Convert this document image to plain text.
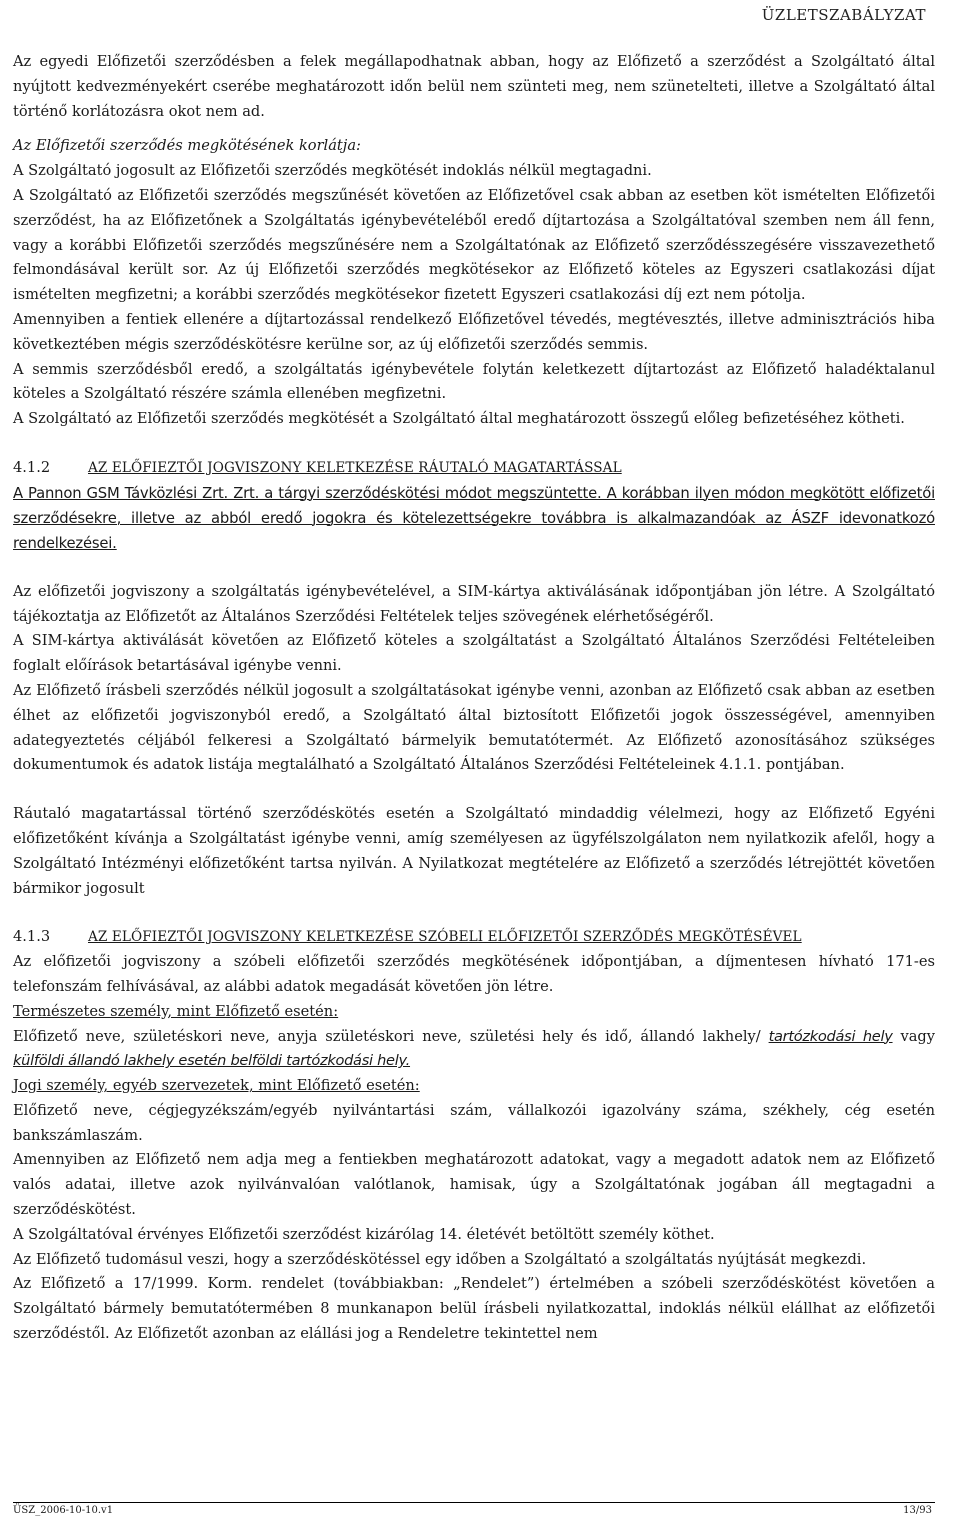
ÜZLETSZABÁLYZAT

Az egyedi Előfizetői szerződésben a felek megállapodhatnak abban, hogy az Előfizető a szerződést a Szolgáltató által nyújtott kedvezményekért cserébe meghatározott időn belül nem szünteti meg, nem szünetelteti, illetve a Szolgáltató által történő korlátozásra okot nem ad.

Az Előfizetői szerződés megkötésének korlátja:

A Szolgáltató jogosult az Előfizetői szerződés megkötését indoklás nélkül megtagadni.

A Szolgáltató az Előfizetői szerződés megszűnését követően az Előfizetővel csak abban az esetben köt ismételten Előfizetői szerződést, ha az Előfizetőnek a Szolgáltatás igénybevételéből eredő díjtartozása a Szolgáltatóval szemben nem áll fenn, vagy a korábbi Előfizetői szerződés megszűnésére nem a Szolgáltatónak az Előfizető szerződésszegésére visszavezethető felmondásával került sor. Az új Előfizetői szerződés megkötésekor az Előfizető köteles az Egyszeri csatlakozási díjat ismételten megfizetni; a korábbi szerződés megkötésekor fizetett Egyszeri csatlakozási díj ezt nem pótolja.

Amennyiben a fentiek ellenére a díjtartozással rendelkező Előfizetővel tévedés, megtévesztés, illetve adminisztrációs hiba következtében mégis szerződéskötésre kerülne sor, az új előfizetői szerződés semmis.

A semmis szerződésből eredő, a szolgáltatás igénybevétele folytán keletkezett díjtartozást az Előfizető haladéktalanul köteles a Szolgáltató részére számla ellenében megfizetni.

A Szolgáltató az Előfizetői szerződés megkötését a Szolgáltató által meghatározott összegű előleg befizetéséhez kötheti.

4.1.2	AZ ELŐFIEZTŐI JOGVISZONY KELETKEZÉSE RÁUTALÓ MAGATARTÁSSAL

A Pannon GSM Távközlési Zrt. Zrt. a tárgyi szerződéskötési módot megszüntette. A korábban ilyen módon megkötött előfizetői szerződésekre, illetve az abból eredő jogokra és kötelezettségekre továbbra is alkalmazandóak az ÁSZF idevonatkozó rendelkezései.

Az előfizetői jogviszony a szolgáltatás igénybevételével, a SIM-kártya aktiválásának időpontjában jön létre. A Szolgáltató tájékoztatja az Előfizetőt az Általános Szerződési Feltételek teljes szövegének elérhetőségéről.

A SIM-kártya aktiválását követően az Előfizető köteles a szolgáltatást a Szolgáltató Általános Szerződési Feltételeiben foglalt előírások betartásával igénybe venni.

Az Előfizető írásbeli szerződés nélkül jogosult a szolgáltatásokat igénybe venni, azonban az Előfizető csak abban az esetben élhet az előfizetői jogviszonyból eredő, a Szolgáltató által biztosított Előfizetői jogok összességével, amennyiben adategyeztetés céljából felkeresi a Szolgáltató bármelyik bemutatótermét. Az Előfizető azonosításához szükséges dokumentumok és adatok listája megtalálható a Szolgáltató Általános Szerződési Feltételeinek 4.1.1. pontjában.

Ráutaló magatartással történő szerződéskötés esetén a Szolgáltató mindaddig vélelmezi, hogy az Előfizető Egyéni előfizetőként kívánja a Szolgáltatást igénybe venni, amíg személyesen az ügyfélszolgálaton nem nyilatkozik afelől, hogy a Szolgáltató Intézményi előfizetőként tartsa nyilván. A Nyilatkozat megtételére az Előfizető a szerződés létrejöttét követően bármikor jogosult

4.1.3	AZ ELŐFIEZTŐI JOGVISZONY KELETKEZÉSE SZÓBELI ELŐFIZETŐI SZERZŐDÉS MEGKÖTÉSÉVEL

Az előfizetői jogviszony a szóbeli előfizetői szerződés megkötésének időpontjában, a díjmentesen hívható 171-es telefonszám felhívásával, az alábbi adatok megadását követően jön létre.

Természetes személy, mint Előfizető esetén:

Előfizető neve, születéskori neve, anyja születéskori neve, születési hely és idő, állandó lakhely/ tartózkodási hely vagy külföldi állandó lakhely esetén belföldi tartózkodási hely.

Jogi személy, egyéb szervezetek, mint Előfizető esetén:

Előfizető neve, cégjegyzékszám/egyéb nyilvántartási szám, vállalkozói igazolvány száma, székhely, cég esetén bankszámlaszám.

Amennyiben az Előfizető nem adja meg a fentiekben meghatározott adatokat, vagy a megadott adatok nem az Előfizető valós adatai, illetve azok nyilvánvalóan valótlanok, hamisak, úgy a Szolgáltatónak jogában áll megtagadni a szerződéskötést.

A Szolgáltatóval érvényes Előfizetői szerződést kizárólag 14. életévét betöltött személy köthet.

Az Előfizető tudomásul veszi, hogy a szerződéskötéssel egy időben a Szolgáltató a szolgáltatás nyújtását megkezdi.

Az Előfizető a 17/1999. Korm. rendelet (továbbiakban: „Rendelet”) értelmében a szóbeli szerződéskötést követően a Szolgáltató bármely bemutatótermében 8 munkanapon belül írásbeli nyilatkozattal, indoklás nélkül elállhat az előfizetői szerződéstől. Az Előfizetőt azonban az elállási jog a Rendeletre tekintettel nem

ÜSZ_2006-10-10.v1	13/93
